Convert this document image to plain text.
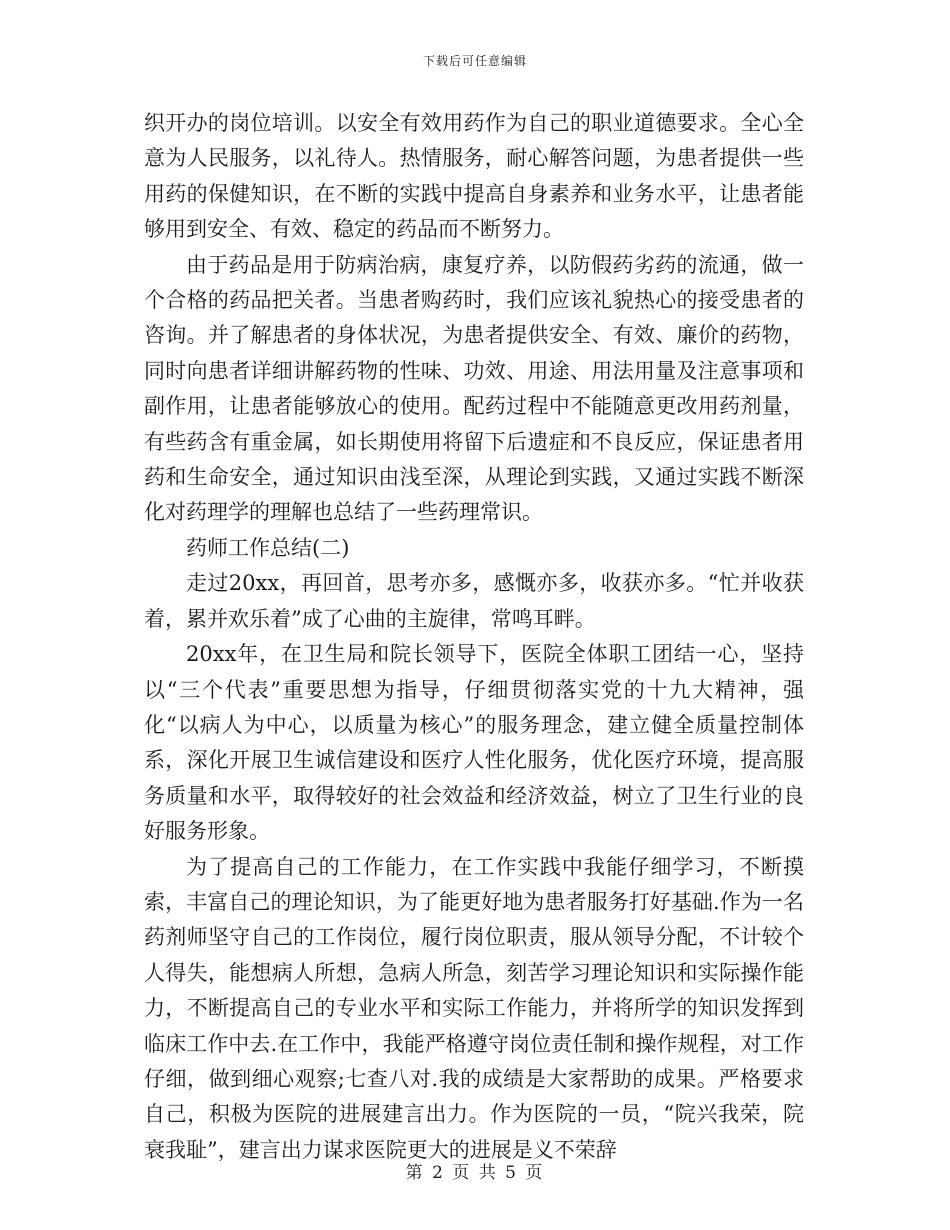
下载后可任意编辑

织开办的岗位培训。以安全有效用药作为自己的职业道德要求。全心全意为人民服务，以礼待人。热情服务，耐心解答问题，为患者提供一些用药的保健知识，在不断的实践中提高自身素养和业务水平，让患者能够用到安全、有效、稳定的药品而不断努力。

由于药品是用于防病治病，康复疗养，以防假药劣药的流通，做一个合格的药品把关者。当患者购药时，我们应该礼貌热心的接受患者的咨询。并了解患者的身体状况，为患者提供安全、有效、廉价的药物，同时向患者详细讲解药物的性味、功效、用途、用法用量及注意事项和副作用，让患者能够放心的使用。配药过程中不能随意更改用药剂量，有些药含有重金属，如长期使用将留下后遗症和不良反应，保证患者用药和生命安全，通过知识由浅至深，从理论到实践，又通过实践不断深化对药理学的理解也总结了一些药理常识。

药师工作总结(二)

走过20xx，再回首，思考亦多，感慨亦多，收获亦多。“忙并收获着，累并欢乐着”成了心曲的主旋律，常鸣耳畔。

20xx年，在卫生局和院长领导下，医院全体职工团结一心，坚持以“三个代表”重要思想为指导，仔细贯彻落实党的十九大精神，强化“以病人为中心，以质量为核心”的服务理念，建立健全质量控制体系，深化开展卫生诚信建设和医疗人性化服务，优化医疗环境，提高服务质量和水平，取得较好的社会效益和经济效益，树立了卫生行业的良好服务形象。

为了提高自己的工作能力，在工作实践中我能仔细学习，不断摸索，丰富自己的理论知识，为了能更好地为患者服务打好基础.作为一名药剂师坚守自己的工作岗位，履行岗位职责，服从领导分配，不计较个人得失，能想病人所想，急病人所急，刻苦学习理论知识和实际操作能力，不断提高自己的专业水平和实际工作能力，并将所学的知识发挥到临床工作中去.在工作中，我能严格遵守岗位责任制和操作规程，对工作仔细，做到细心观察;七查八对.我的成绩是大家帮助的成果。严格要求自己，积极为医院的进展建言出力。作为医院的一员，“院兴我荣，院衰我耻”，建言出力谋求医院更大的进展是义不荣辞

第 2 页 共 5 页
